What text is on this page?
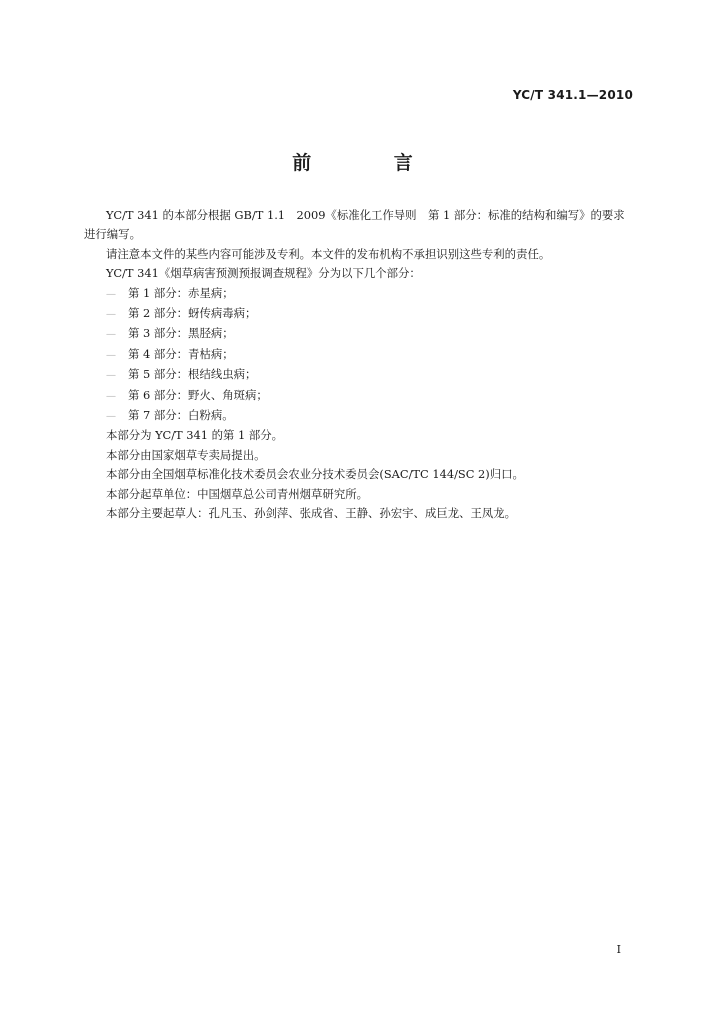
YC/T 341.1—2010
前 言

YC/T 341 的本部分根据 GB/T 1.1　2009《标准化工作导则　第 1 部分：标准的结构和编写》的要求进行编写。

请注意本文件的某些内容可能涉及专利。本文件的发布机构不承担识别这些专利的责任。

YC/T 341《烟草病害预测预报调查规程》分为以下几个部分：

— 第 1 部分：赤星病；

— 第 2 部分：蚜传病毒病；

— 第 3 部分：黑胫病；

— 第 4 部分：青枯病；

— 第 5 部分：根结线虫病；

— 第 6 部分：野火、角斑病；

— 第 7 部分：白粉病。

本部分为 YC/T 341 的第 1 部分。

本部分由国家烟草专卖局提出。

本部分由全国烟草标准化技术委员会农业分技术委员会(SAC/TC 144/SC 2)归口。

本部分起草单位：中国烟草总公司青州烟草研究所。

本部分主要起草人：孔凡玉、孙剑萍、张成省、王静、孙宏宇、成巨龙、王凤龙。

I
